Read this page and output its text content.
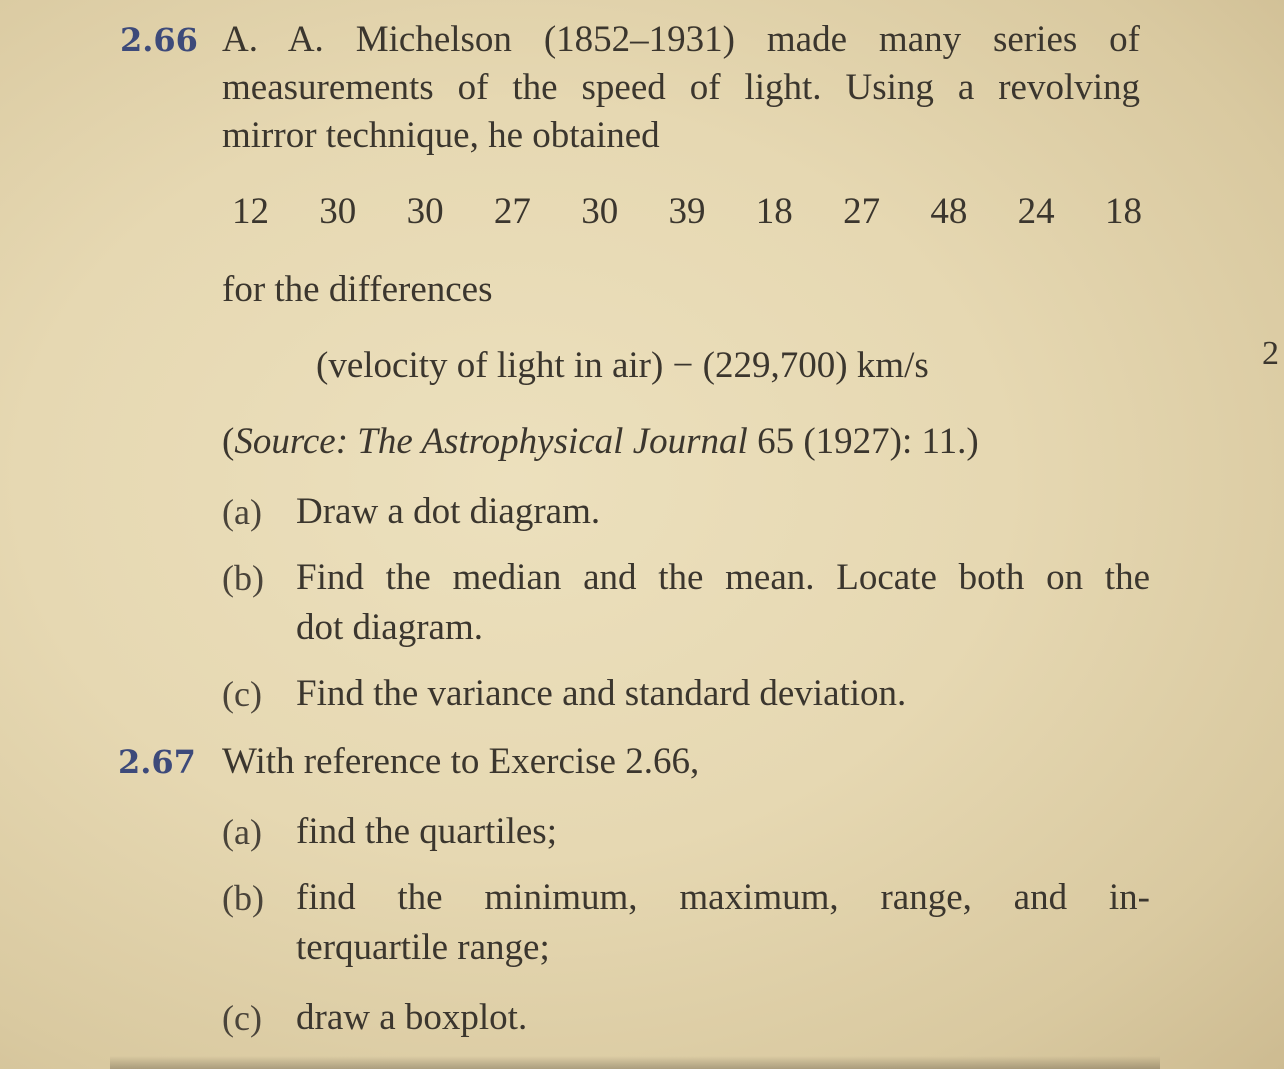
2.66 A. A. Michelson (1852–1931) made many series of
measurements of the speed of light. Using a revolving
mirror technique, he obtained
12 30 30 27 30 39 18 27 48 24 18
for the differences
(velocity of light in air) − (229,700) km/s
(Source: The Astrophysical Journal 65 (1927): 11.)
(a) Draw a dot diagram.
(b) Find the median and the mean. Locate both on the
dot diagram.
(c) Find the variance and standard deviation.
2.67 With reference to Exercise 2.66,
(a) find the quartiles;
(b) find the minimum, maximum, range, and in-
terquartile range;
(c) draw a boxplot.
2
